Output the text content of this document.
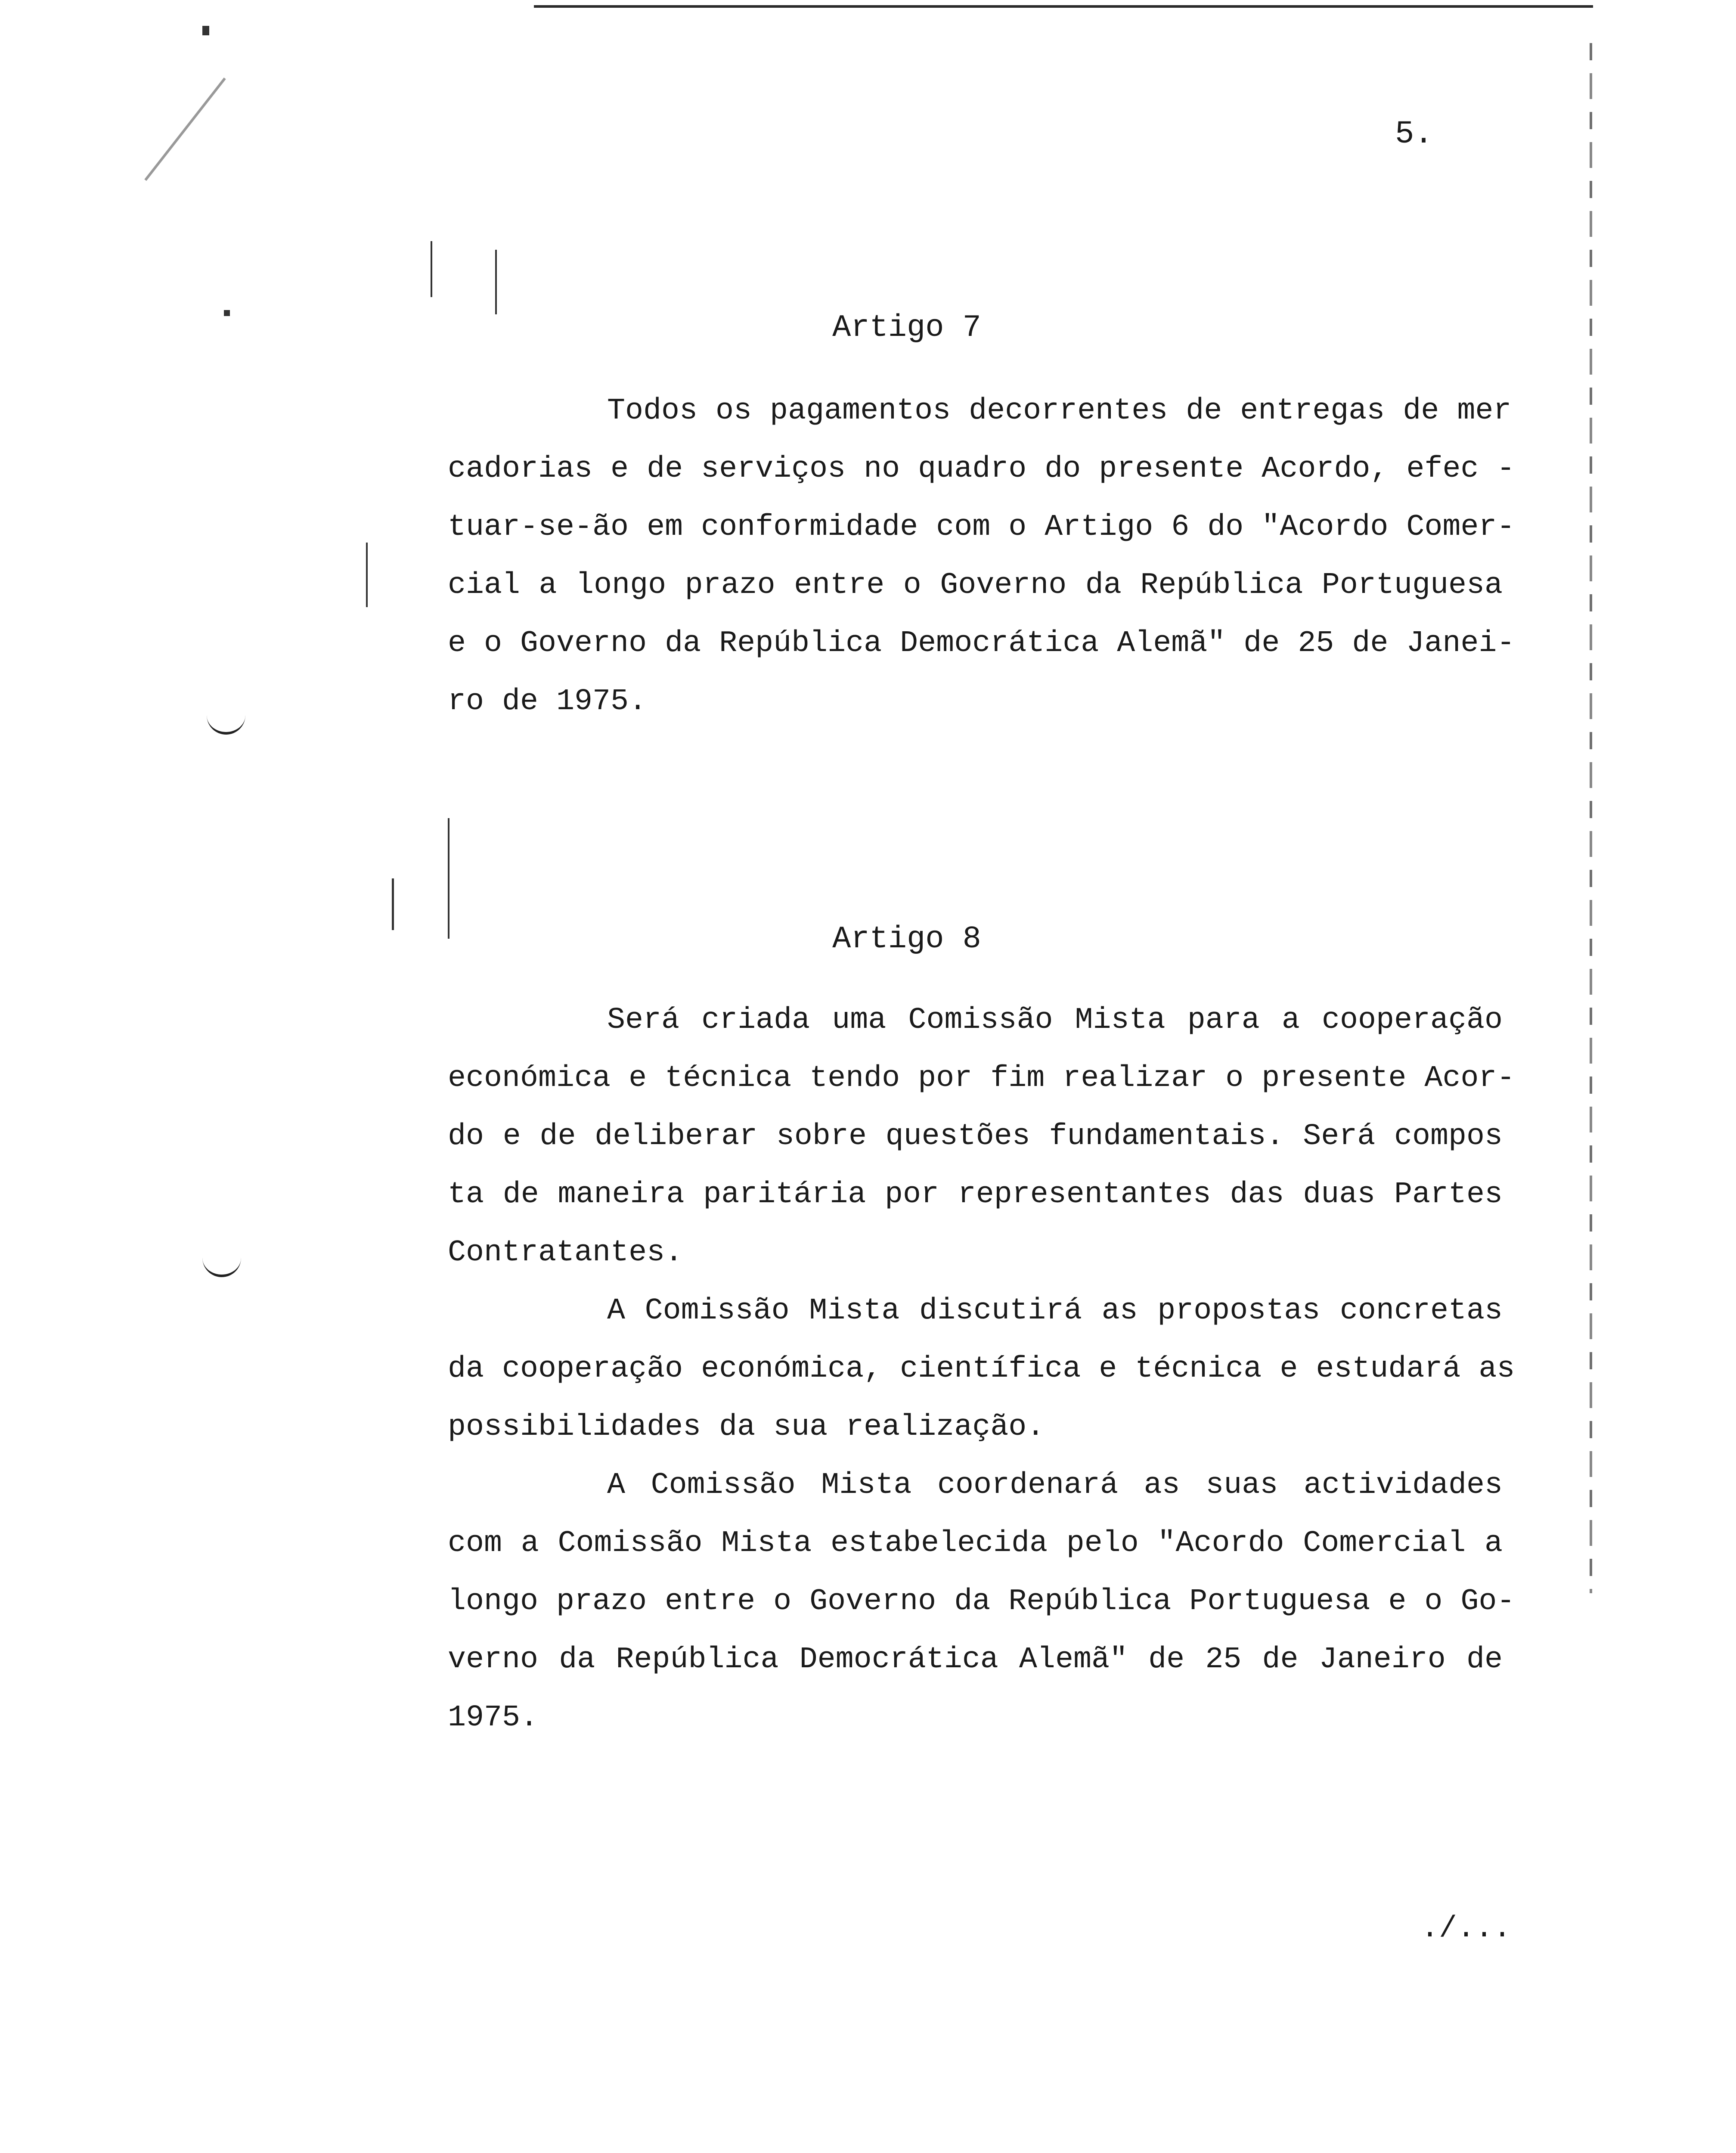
5.
Artigo 7
Todos os pagamentos decorrentes de entregas de mer
cadorias e de serviços no quadro do presente Acordo, efec -
tuar-se-ão em conformidade com o Artigo 6 do "Acordo Comer-
cial a longo prazo entre o Governo da República Portuguesa
e o Governo da República Democrática Alemã" de 25 de Janei-
ro de 1975.
Artigo 8
Será criada uma Comissão Mista para a cooperação
económica e técnica tendo por fim realizar o presente Acor-
do e de deliberar sobre questões fundamentais. Será compos
ta de maneira paritária por representantes das duas Partes
Contratantes.
A Comissão Mista discutirá as propostas concretas
da cooperação económica, científica e técnica e estudará as
possibilidades da sua realização.
A Comissão Mista coordenará as suas actividades
com a Comissão Mista estabelecida pelo "Acordo Comercial a
longo prazo entre o Governo da República Portuguesa e o Go-
verno da República Democrática Alemã" de 25 de Janeiro de
1975.
./...
